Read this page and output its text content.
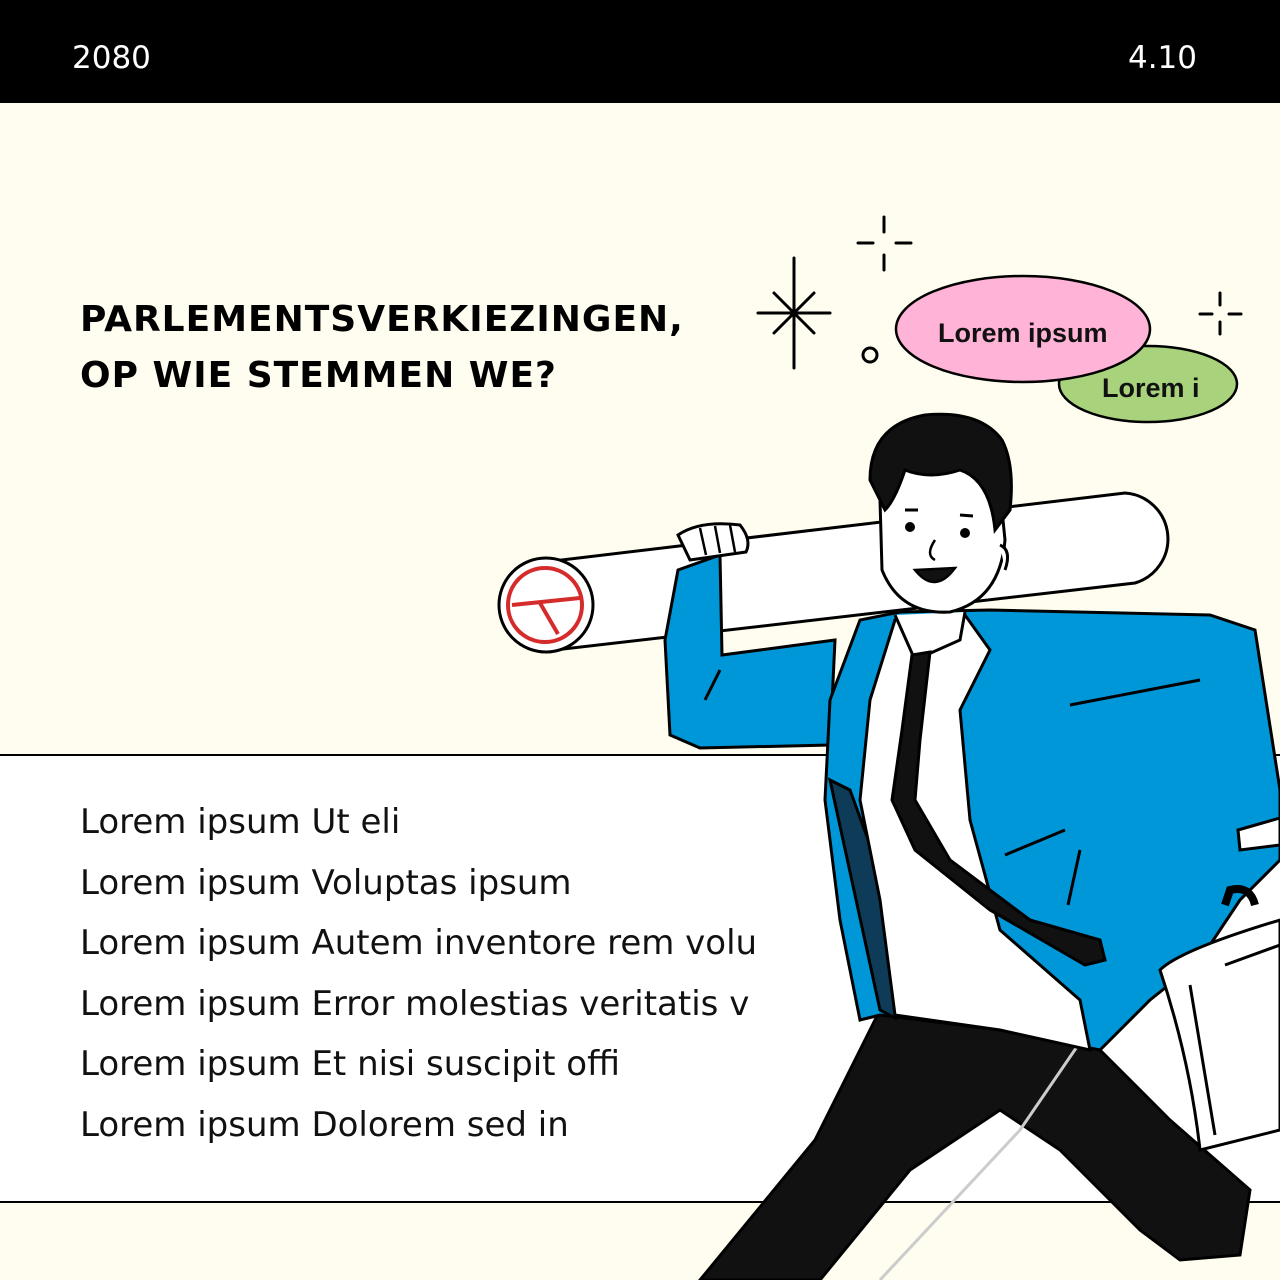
2080	4.10
PARLEMENTSVERKIEZINGEN,
OP WIE STEMMEN WE?
Lorem ipsum Ut eli
Lorem ipsum Voluptas ipsum
Lorem ipsum Autem inventore rem volu
Lorem ipsum Error molestias veritatis v
Lorem ipsum Et nisi suscipit offi
Lorem ipsum Dolorem sed in
Lorem i
Lorem ipsum
